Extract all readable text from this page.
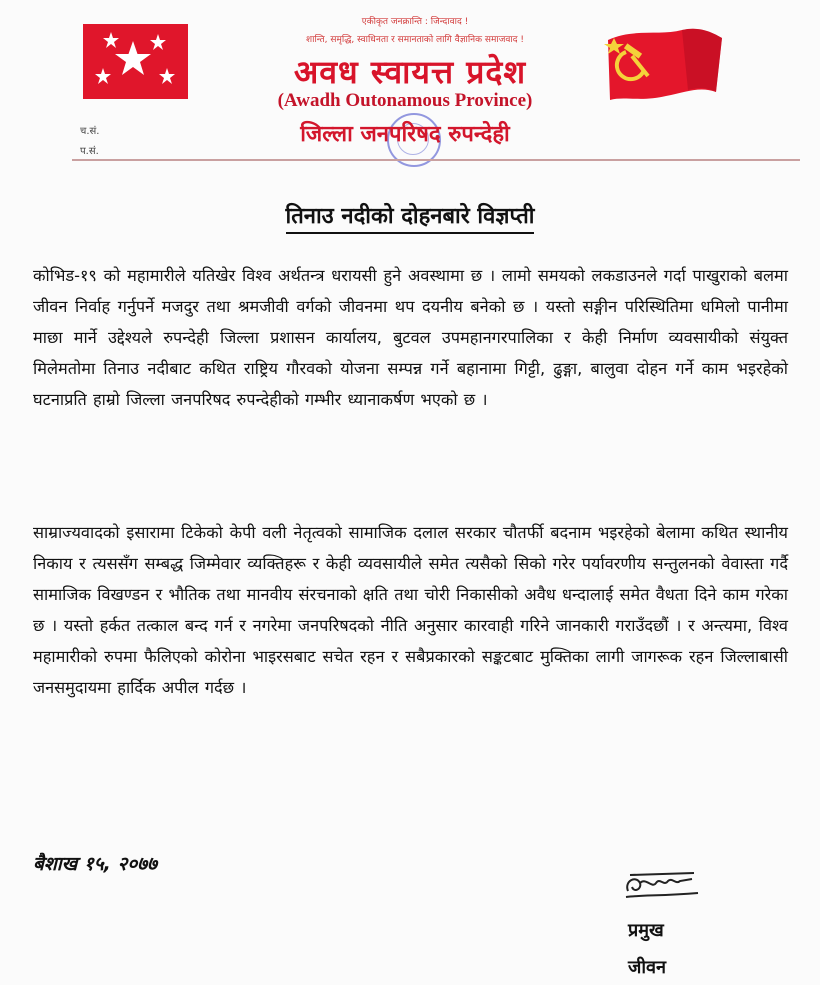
एकीकृत जनक्रान्ति : जिन्दावाद !
शान्ति, समृद्धि, स्वाधिनता र समानताको लागि वैज्ञानिक समाजवाद !
अवध स्वायत्त प्रदेश
(Awadh Outonamous Province)
च.सं.
प.सं.
जिल्ला जनपरिषद रुपन्देही
तिनाउ नदीको दोहनबारे विज्ञप्ती
कोभिड-१९ को महामारीले यतिखेर विश्व अर्थतन्त्र धरायसी हुने अवस्थामा छ । लामो समयको लकडाउनले गर्दा पाखुराको बलमा जीवन निर्वाह गर्नुपर्ने मजदुर तथा श्रमजीवी वर्गको जीवनमा थप दयनीय बनेको छ । यस्तो सङ्गीन परिस्थितिमा धमिलो पानीमा माछा मार्ने उद्देश्यले रुपन्देही जिल्ला प्रशासन कार्यालय, बुटवल उपमहानगरपालिका र केही निर्माण व्यवसायीको संयुक्त मिलेमतोमा तिनाउ नदीबाट कथित राष्ट्रिय गौरवको योजना सम्पन्न गर्ने बहानामा गिट्टी, ढुङ्गा, बालुवा दोहन गर्ने काम भइरहेको घटनाप्रति हाम्रो जिल्ला जनपरिषद रुपन्देहीको गम्भीर ध्यानाकर्षण भएको छ ।
साम्राज्यवादको इसारामा टिकेको केपी वली नेतृत्वको सामाजिक दलाल सरकार चौतर्फी बदनाम भइरहेको बेलामा कथित स्थानीय निकाय र त्यससँग सम्बद्ध जिम्मेवार व्यक्तिहरू र केही व्यवसायीले समेत त्यसैको सिको गरेर पर्यावरणीय सन्तुलनको वेवास्ता गर्दै सामाजिक विखण्डन र भौतिक तथा मानवीय संरचनाको क्षति तथा चोरी निकासीको अवैध धन्दालाई समेत वैधता दिने काम गरेका छ । यस्तो हर्कत तत्काल बन्द गर्न र नगरेमा जनपरिषदको नीति अनुसार कारवाही गरिने जानकारी गराउँदछौं । र अन्त्यमा, विश्व महामारीको रुपमा फैलिएको कोरोना भाइरसबाट सचेत रहन र सबैप्रकारको सङ्कटबाट मुक्तिका लागी जागरूक रहन जिल्लाबासी जनसमुदायमा हार्दिक अपील गर्दछ ।
बैशाख १५, २०७७
प्रमुख
जीवन
